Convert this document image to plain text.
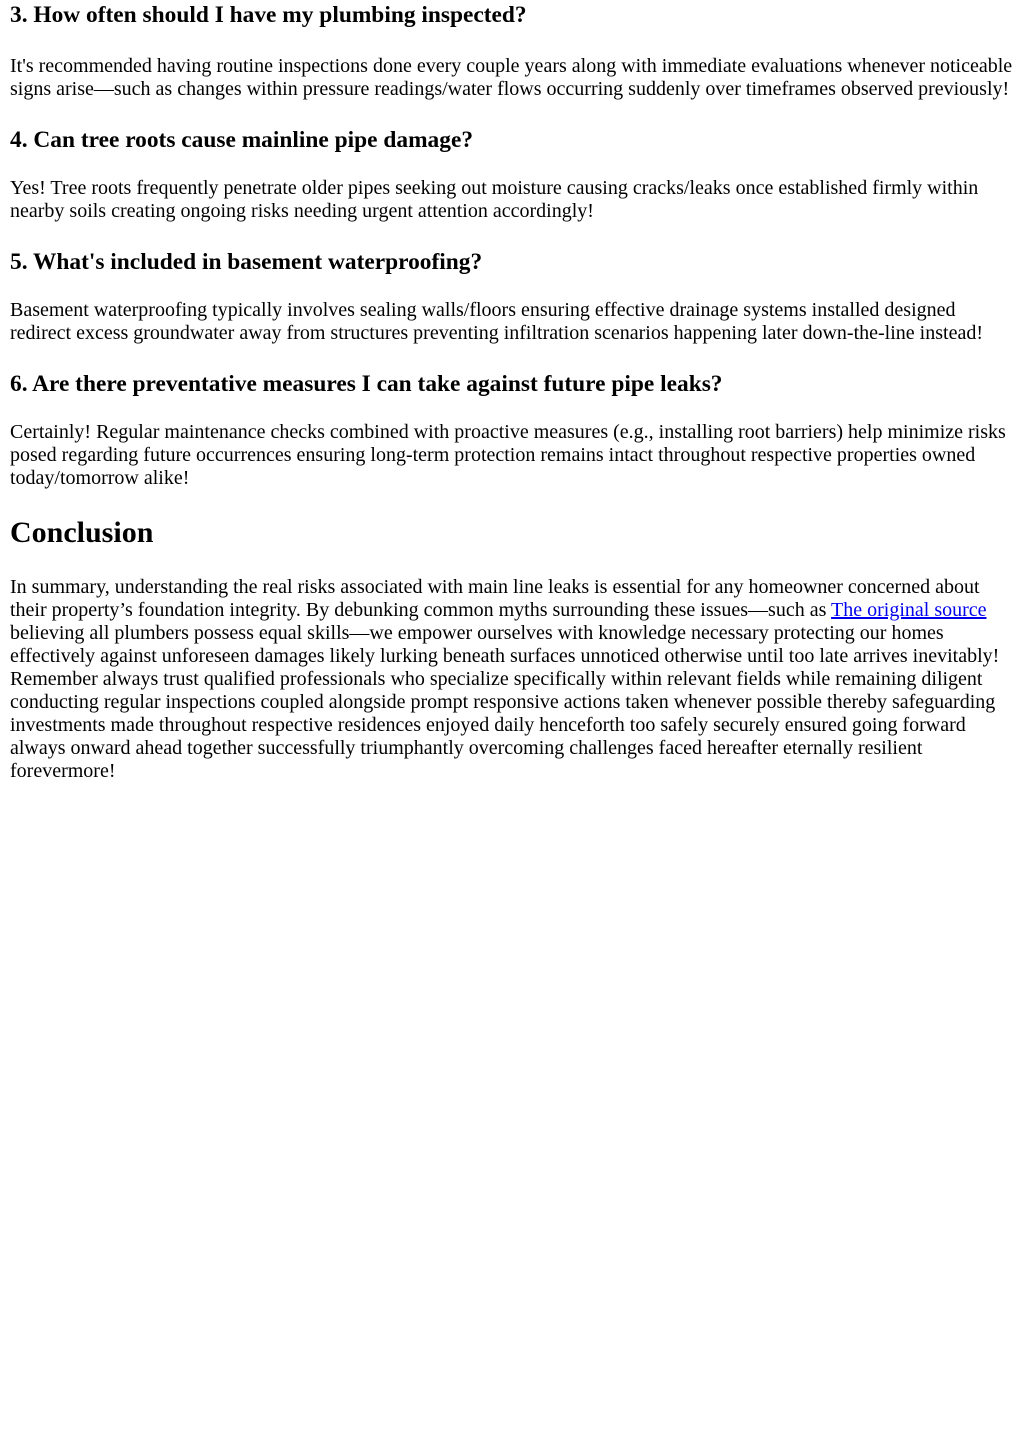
3. How often should I have my plumbing inspected?

It's recommended having routine inspections done every couple years along with immediate evaluations whenever noticeable signs arise—such as changes within pressure readings/water flows occurring suddenly over timeframes observed previously!

4. Can tree roots cause mainline pipe damage?

Yes! Tree roots frequently penetrate older pipes seeking out moisture causing cracks/leaks once established firmly within nearby soils creating ongoing risks needing urgent attention accordingly!

5. What's included in basement waterproofing?

Basement waterproofing typically involves sealing walls/floors ensuring effective drainage systems installed designed redirect excess groundwater away from structures preventing infiltration scenarios happening later down-the-line instead!

6. Are there preventative measures I can take against future pipe leaks?

Certainly! Regular maintenance checks combined with proactive measures (e.g., installing root barriers) help minimize risks posed regarding future occurrences ensuring long-term protection remains intact throughout respective properties owned today/tomorrow alike!

Conclusion

In summary, understanding the real risks associated with main line leaks is essential for any homeowner concerned about their property’s foundation integrity. By debunking common myths surrounding these issues—such as The original source believing all plumbers possess equal skills—we empower ourselves with knowledge necessary protecting our homes effectively against unforeseen damages likely lurking beneath surfaces unnoticed otherwise until too late arrives inevitably! Remember always trust qualified professionals who specialize specifically within relevant fields while remaining diligent conducting regular inspections coupled alongside prompt responsive actions taken whenever possible thereby safeguarding investments made throughout respective residences enjoyed daily henceforth too safely securely ensured going forward always onward ahead together successfully triumphantly overcoming challenges faced hereafter eternally resilient forevermore!
